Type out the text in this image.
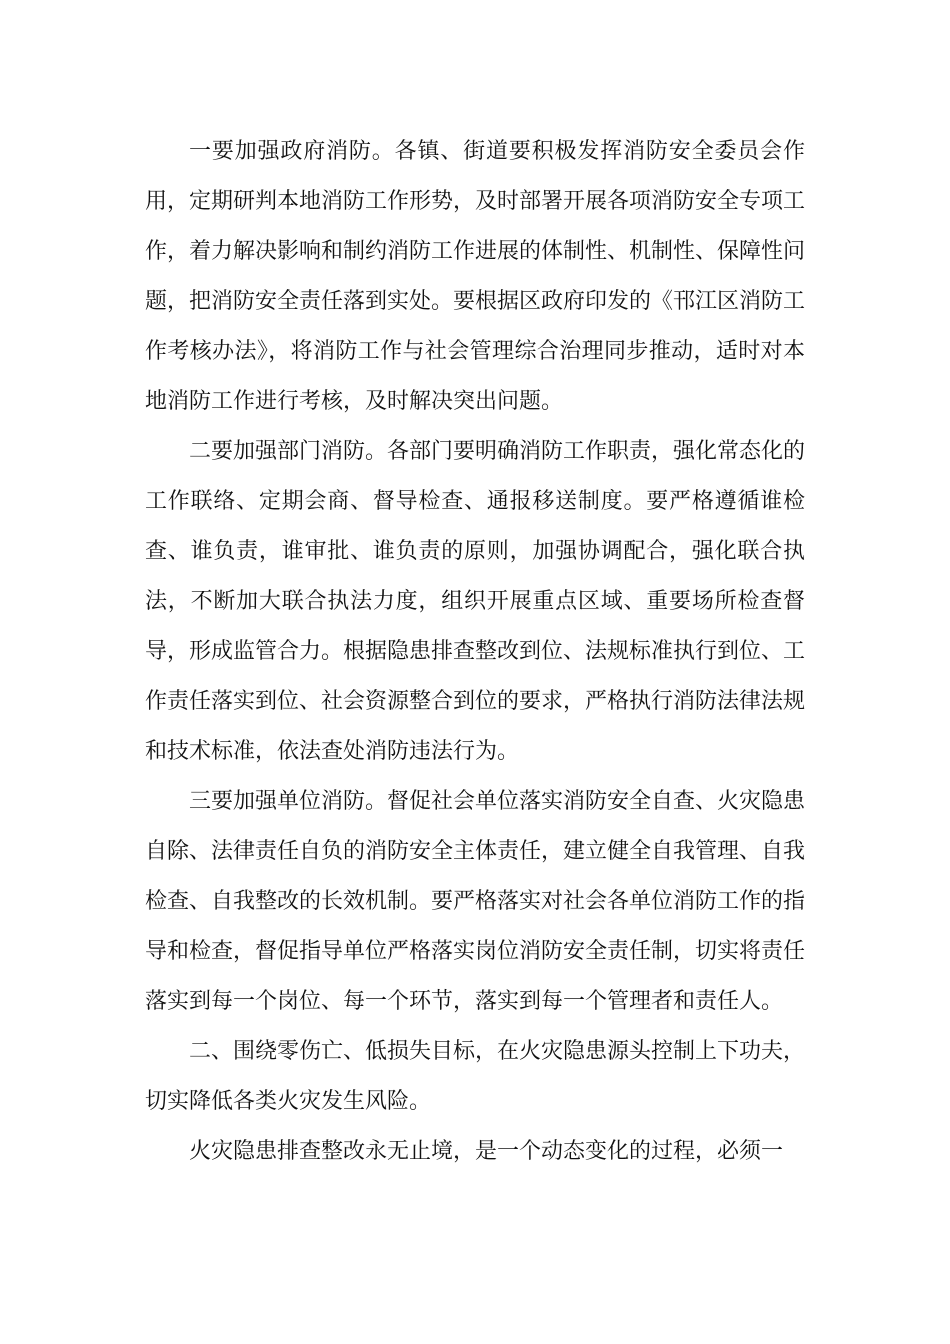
一要加强政府消防。各镇、街道要积极发挥消防安全委员会作用，定期研判本地消防工作形势，及时部署开展各项消防安全专项工作，着力解决影响和制约消防工作进展的体制性、机制性、保障性问题，把消防安全责任落到实处。要根据区政府印发的《邗江区消防工作考核办法》，将消防工作与社会管理综合治理同步推动，适时对本地消防工作进行考核，及时解决突出问题。

二要加强部门消防。各部门要明确消防工作职责，强化常态化的工作联络、定期会商、督导检查、通报移送制度。要严格遵循谁检查、谁负责，谁审批、谁负责的原则，加强协调配合，强化联合执法，不断加大联合执法力度，组织开展重点区域、重要场所检查督导，形成监管合力。根据隐患排查整改到位、法规标准执行到位、工作责任落实到位、社会资源整合到位的要求，严格执行消防法律法规和技术标准，依法查处消防违法行为。

三要加强单位消防。督促社会单位落实消防安全自查、火灾隐患自除、法律责任自负的消防安全主体责任，建立健全自我管理、自我检查、自我整改的长效机制。要严格落实对社会各单位消防工作的指导和检查，督促指导单位严格落实岗位消防安全责任制，切实将责任落实到每一个岗位、每一个环节，落实到每一个管理者和责任人。

二、围绕零伤亡、低损失目标，在火灾隐患源头控制上下功夫，切实降低各类火灾发生风险。

火灾隐患排查整改永无止境，是一个动态变化的过程，必须一
